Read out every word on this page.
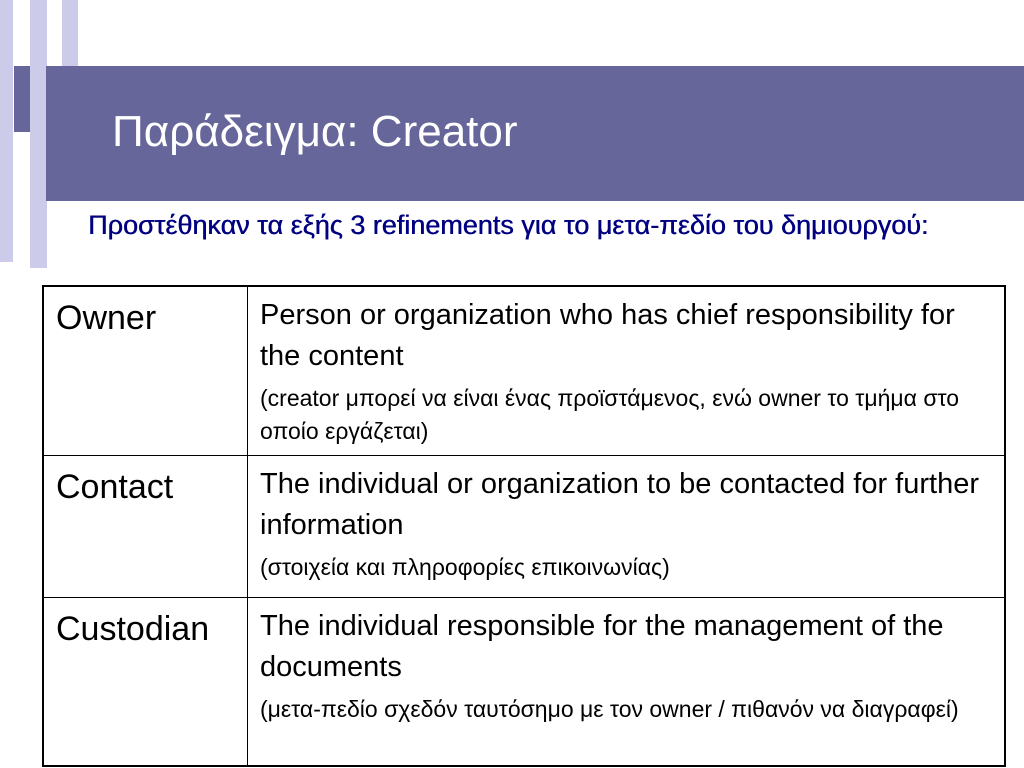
Παράδειγμα: Creator

Προστέθηκαν τα εξής 3 refinements για το μετα-πεδίο του δημιουργού:

Owner	Person or organization who has chief responsibility for the content

(creator μπορεί να είναι ένας προϊστάμενος, ενώ owner το τμήμα στο οποίο εργάζεται)

Contact	The individual or organization to be contacted for further information

(στοιχεία και πληροφορίες επικοινωνίας)

Custodian	The individual responsible for the management of the documents

(μετα-πεδίο σχεδόν ταυτόσημο με τον owner / πιθανόν να διαγραφεί)
